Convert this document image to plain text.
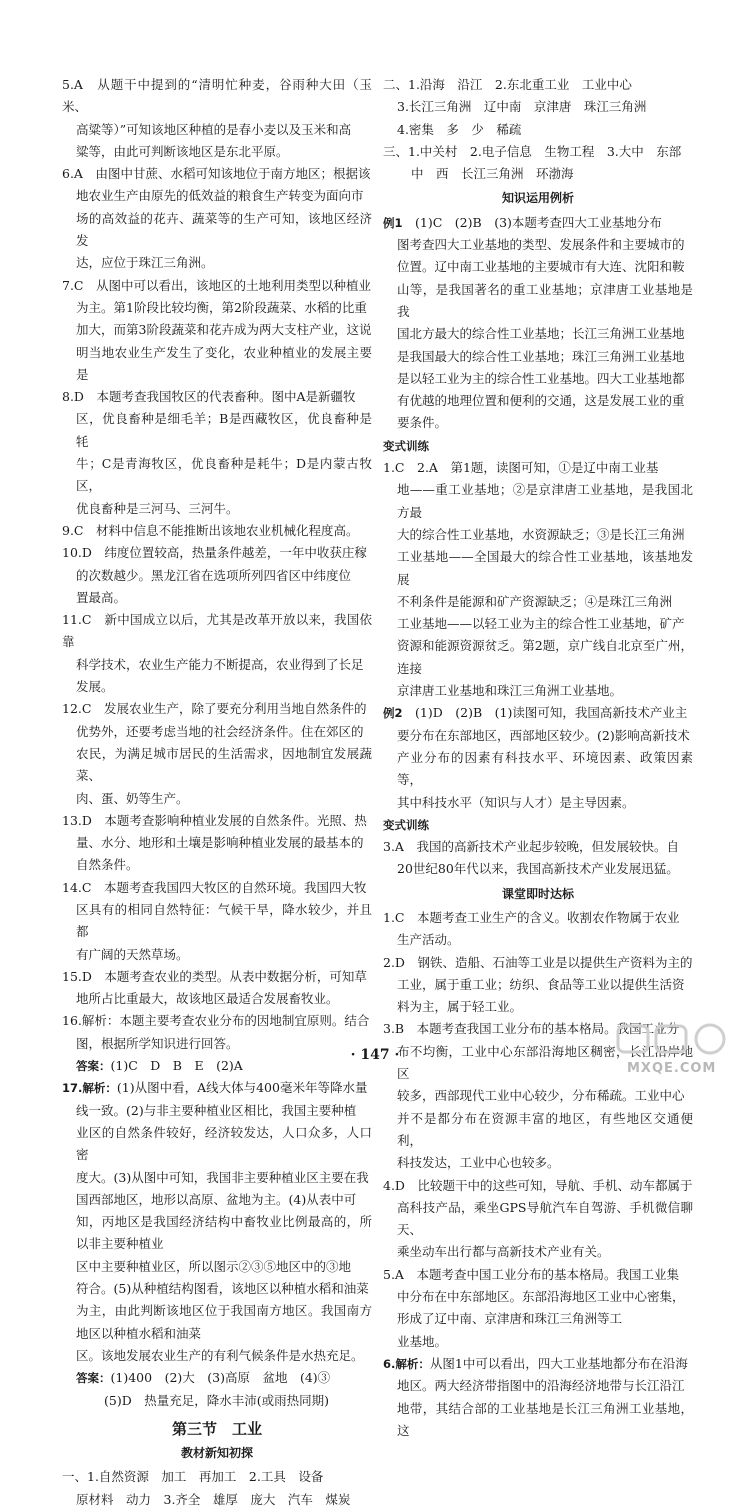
5.A　从题干中提到的“清明忙种麦，谷雨种大田（玉米、

高粱等）”可知该地区种植的是春小麦以及玉米和高

粱等，由此可判断该地区是东北平原。

6.A　由图中甘蔗、水稻可知该地位于南方地区；根据该

地农业生产由原先的低效益的粮食生产转变为面向市

场的高效益的花卉、蔬菜等的生产可知，该地区经济发

达，应位于珠江三角洲。

7.C　从图中可以看出，该地区的土地利用类型以种植业

为主。第1阶段比较均衡，第2阶段蔬菜、水稻的比重

加大，而第3阶段蔬菜和花卉成为两大支柱产业，这说

明当地农业生产发生了变化，农业种植业的发展主要是

8.D　本题考查我国牧区的代表畜种。图中A是新疆牧

区，优良畜种是细毛羊；B是西藏牧区，优良畜种是牦

牛；C是青海牧区，优良畜种是耗牛；D是内蒙古牧区，

优良畜种是三河马、三河牛。

9.C　材料中信息不能推断出该地农业机械化程度高。

10.D　纬度位置较高，热量条件越差，一年中收获庄稼

的次数越少。黑龙江省在选项所列四省区中纬度位

置最高。

11.C　新中国成立以后，尤其是改革开放以来，我国依靠

科学技术，农业生产能力不断提高，农业得到了长足

发展。

12.C　发展农业生产，除了要充分利用当地自然条件的

优势外，还要考虑当地的社会经济条件。住在郊区的

农民，为满足城市居民的生活需求，因地制宜发展蔬菜、

肉、蛋、奶等生产。

13.D　本题考查影响种植业发展的自然条件。光照、热

量、水分、地形和土壤是影响种植业发展的最基本的

自然条件。

14.C　本题考查我国四大牧区的自然环境。我国四大牧

区具有的相同自然特征：气候干旱，降水较少，并且都

有广阔的天然草场。

15.D　本题考查农业的类型。从表中数据分析，可知草

地所占比重最大，故该地区最适合发展畜牧业。

16.解析：本题主要考查农业分布的因地制宜原则。结合

图，根据所学知识进行回答。

答案：(1)C　D　B　E　(2)A

17.解析：(1)从图中看，A线大体与400毫米年等降水量

线一致。(2)与非主要种植业区相比，我国主要种植

业区的自然条件较好，经济较发达，人口众多，人口密

度大。(3)从图中可知，我国非主要种植业区主要在我

国西部地区，地形以高原、盆地为主。(4)从表中可

知，丙地区是我国经济结构中畜牧业比例最高的，所以非主要种植业

区中主要种植业区，所以图示②③⑤地区中的③地

符合。(5)从种植结构图看，该地区以种植水稻和油菜

为主，由此判断该地区位于我国南方地区。我国南方地区以种植水稻和油菜

区。该地发展农业生产的有利气候条件是水热充足。

答案：(1)400　(2)大　(3)高原　盆地　(4)③

(5)D　热量充足，降水丰沛(或雨热同期)

第三节　工业
教材新知初探

一、1.自然资源　加工　再加工　2.工具　设备

原材料　动力　3.齐全　雄厚　庞大　汽车　煤炭

二、1.沿海　沿江　2.东北重工业　工业中心

3.长江三角洲　辽中南　京津唐　珠江三角洲

4.密集　多　少　稀疏

三、1.中关村　2.电子信息　生物工程　3.大中　东部

中　西　长江三角洲　环渤海

知识运用例析

例1　 (1)C　(2)B　(3)本题考查四大工业基地分布

图考查四大工业基地的类型、发展条件和主要城市的

位置。辽中南工业基地的主要城市有大连、沈阳和鞍

山等，是我国著名的重工业基地；京津唐工业基地是我

国北方最大的综合性工业基地；长江三角洲工业基地

是我国最大的综合性工业基地；珠江三角洲工业基地

是以轻工业为主的综合性工业基地。四大工业基地都

有优越的地理位置和便利的交通，这是发展工业的重

要条件。

变式训练

1.C　2.A　第1题，读图可知，①是辽中南工业基

地——重工业基地；②是京津唐工业基地，是我国北方最

大的综合性工业基地，水资源缺乏；③是长江三角洲

工业基地——全国最大的综合性工业基地，该基地发展

不利条件是能源和矿产资源缺乏；④是珠江三角洲

工业基地——以轻工业为主的综合性工业基地，矿产

资源和能源资源贫乏。第2题，京广线自北京至广州，连接

京津唐工业基地和珠江三角洲工业基地。

例2　 (1)D　(2)B　(1)读图可知，我国高新技术产业主

要分布在东部地区，西部地区较少。(2)影响高新技术

产业分布的因素有科技水平、环境因素、政策因素等，

其中科技水平（知识与人才）是主导因素。

变式训练

3.A　我国的高新技术产业起步较晚，但发展较快。自

20世纪80年代以来，我国高新技术产业发展迅猛。

课堂即时达标

1.C　本题考查工业生产的含义。收割农作物属于农业

生产活动。

2.D　钢铁、造船、石油等工业是以提供生产资料为主的

工业，属于重工业；纺织、食品等工业以提供生活资

料为主，属于轻工业。

3.B　本题考查我国工业分布的基本格局。我国工业分

布不均衡，工业中心东部沿海地区稠密，长江沿岸地区

较多，西部现代工业中心较少，分布稀疏。工业中心

并不是都分布在资源丰富的地区，有些地区交通便利，

科技发达，工业中心也较多。

4.D　比较题干中的这些可知，导航、手机、动车都属于

高科技产品，乘坐GPS导航汽车自驾游、手机微信聊天、

乘坐动车出行都与高新技术产业有关。

5.A　本题考查中国工业分布的基本格局。我国工业集

中分布在中东部地区。东部沿海地区工业中心密集，

形成了辽中南、京津唐和珠江三角洲等工

业基地。

6.解析：从图1中可以看出，四大工业基地都分布在沿海

地区。两大经济带指图中的沿海经济地带与长江沿江

地带，其结合部的工业基地是长江三角洲工业基地，这

· 147 ·
MXQE.COM
